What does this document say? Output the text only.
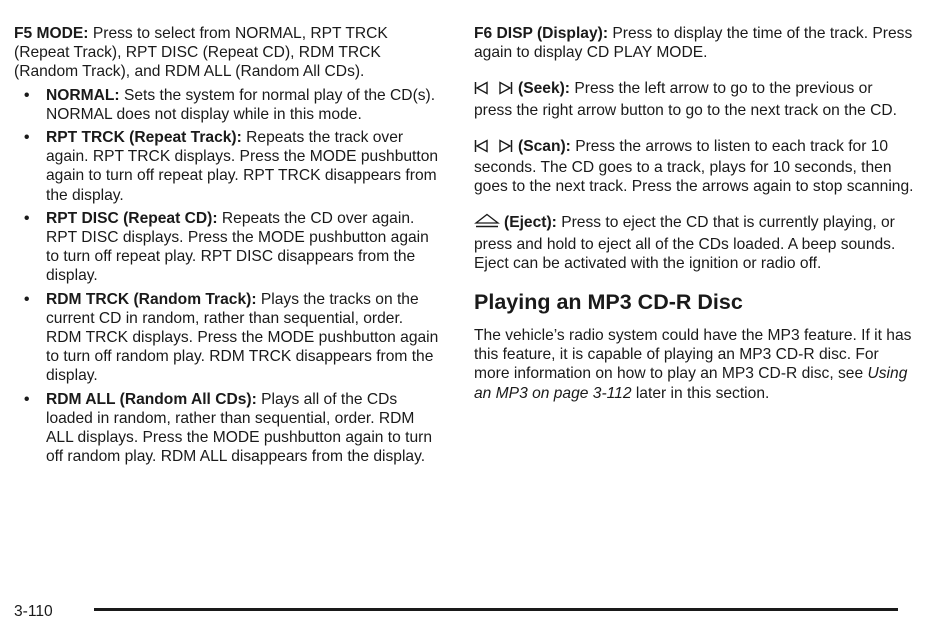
F5 MODE: Press to select from NORMAL, RPT TRCK (Repeat Track), RPT DISC (Repeat CD), RDM TRCK (Random Track), and RDM ALL (Random All CDs).

• NORMAL: Sets the system for normal play of the CD(s). NORMAL does not display while in this mode.
• RPT TRCK (Repeat Track): Repeats the track over again. RPT TRCK displays. Press the MODE pushbutton again to turn off repeat play. RPT TRCK disappears from the display.
• RPT DISC (Repeat CD): Repeats the CD over again. RPT DISC displays. Press the MODE pushbutton again to turn off repeat play. RPT DISC disappears from the display.
• RDM TRCK (Random Track): Plays the tracks on the current CD in random, rather than sequential, order. RDM TRCK displays. Press the MODE pushbutton again to turn off random play. RDM TRCK disappears from the display.
• RDM ALL (Random All CDs): Plays all of the CDs loaded in random, rather than sequential, order. RDM ALL displays. Press the MODE pushbutton again to turn off random play. RDM ALL disappears from the display.

F6 DISP (Display): Press to display the time of the track. Press again to display CD PLAY MODE.

(Seek): Press the left arrow to go to the previous or press the right arrow button to go to the next track on the CD.

(Scan): Press the arrows to listen to each track for 10 seconds. The CD goes to a track, plays for 10 seconds, then goes to the next track. Press the arrows again to stop scanning.

(Eject): Press to eject the CD that is currently playing, or press and hold to eject all of the CDs loaded. A beep sounds. Eject can be activated with the ignition or radio off.

Playing an MP3 CD-R Disc

The vehicle’s radio system could have the MP3 feature. If it has this feature, it is capable of playing an MP3 CD-R disc. For more information on how to play an MP3 CD-R disc, see Using an MP3 on page 3-112 later in this section.

3-110
